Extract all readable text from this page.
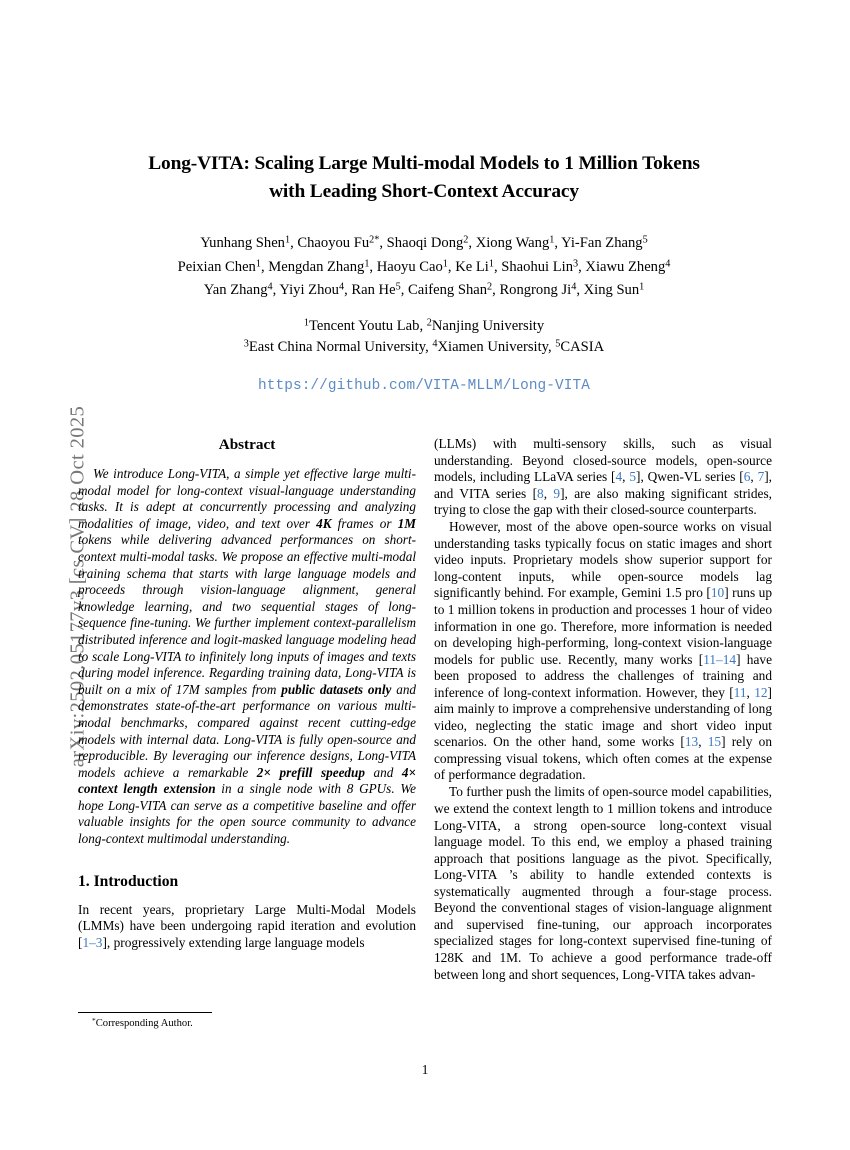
arXiv:2502.05177v3 [cs.CV] 28 Oct 2025
Long-VITA: Scaling Large Multi-modal Models to 1 Million Tokens
with Leading Short-Context Accuracy
Yunhang Shen$^1$, Chaoyou $Fu^{2*}$, Shaoqi Dong$^2$, Xiong Wang$^1$, Yi-Fan Zhang$^5$
Peixian Chen$^1$, Mengdan Zhang$^1$, Haoyu Cao$^1$, Ke Li$^1$, Shaohui Lin$^3$, Xiawu Zheng$^4$
Yan Zhang$^4$, Yiyi Zhou$^4$, Ran He$^5$, Caifeng Shan$^2$, Rongrong Ji$^4$, Xing Sun$^1$
$^1$Tencent Youtu Lab, $^2$Nanjing University
$^3$East China Normal University, $^4$Xiamen University, $^5$CASIA
https://github.com/VITA-MLLM/Long-VITA
Abstract

We introduce Long-VITA, a simple yet effective large multi-modal model for long-context visual-language understanding tasks. It is adept at concurrently processing and analyzing modalities of image, video, and text over 4K frames or 1M tokens while delivering advanced performances on short-context multi-modal tasks. We propose an effective multi-modal training schema that starts with large language models and proceeds through vision-language alignment, general knowledge learning, and two sequential stages of long-sequence fine-tuning. We further implement context-parallelism distributed inference and logit-masked language modeling head to scale Long-VITA to infinitely long inputs of images and texts during model inference. Regarding training data, Long-VITA is built on a mix of 17M samples from public datasets only and demonstrates state-of-the-art performance on various multi-modal benchmarks, compared against recent cutting-edge models with internal data. Long-VITA is fully open-source and reproducible. By leveraging our inference designs, Long-VITA models achieve a remarkable 2× prefill speedup and 4× context length extension in a single node with 8 GPUs. We hope Long-VITA can serve as a competitive baseline and offer valuable insights for the open source community to advance long-context multimodal understanding.

1. Introduction

In recent years, proprietary Large Multi-Modal Models (LMMs) have been undergoing rapid iteration and evolution [1–3], progressively extending large language models

(LLMs) with multi-sensory skills, such as visual understanding. Beyond closed-source models, open-source models, including LLaVA series [4, 5], Qwen-VL series [6, 7], and VITA series [8, 9], are also making significant strides, trying to close the gap with their closed-source counterparts.

However, most of the above open-source works on visual understanding tasks typically focus on static images and short video inputs. Proprietary models show superior support for long-content inputs, while open-source models lag significantly behind. For example, Gemini 1.5 pro [10] runs up to 1 million tokens in production and processes 1 hour of video information in one go. Therefore, more information is needed on developing high-performing, long-context vision-language models for public use. Recently, many works [11–14] have been proposed to address the challenges of training and inference of long-context information. However, they [11, 12] aim mainly to improve a comprehensive understanding of long video, neglecting the static image and short video input scenarios. On the other hand, some works [13, 15] rely on compressing visual tokens, which often comes at the expense of performance degradation.

To further push the limits of open-source model capabilities, we extend the context length to 1 million tokens and introduce Long-VITA, a strong open-source long-context visual language model. To this end, we employ a phased training approach that positions language as the pivot. Specifically, Long-VITA ’s ability to handle extended contexts is systematically augmented through a four-stage process. Beyond the conventional stages of vision-language alignment and supervised fine-tuning, our approach incorporates specialized stages for long-context supervised fine-tuning of 128K and 1M. To achieve a good performance trade-off between long and short sequences, Long-VITA takes advan-

*Corresponding Author.
1
